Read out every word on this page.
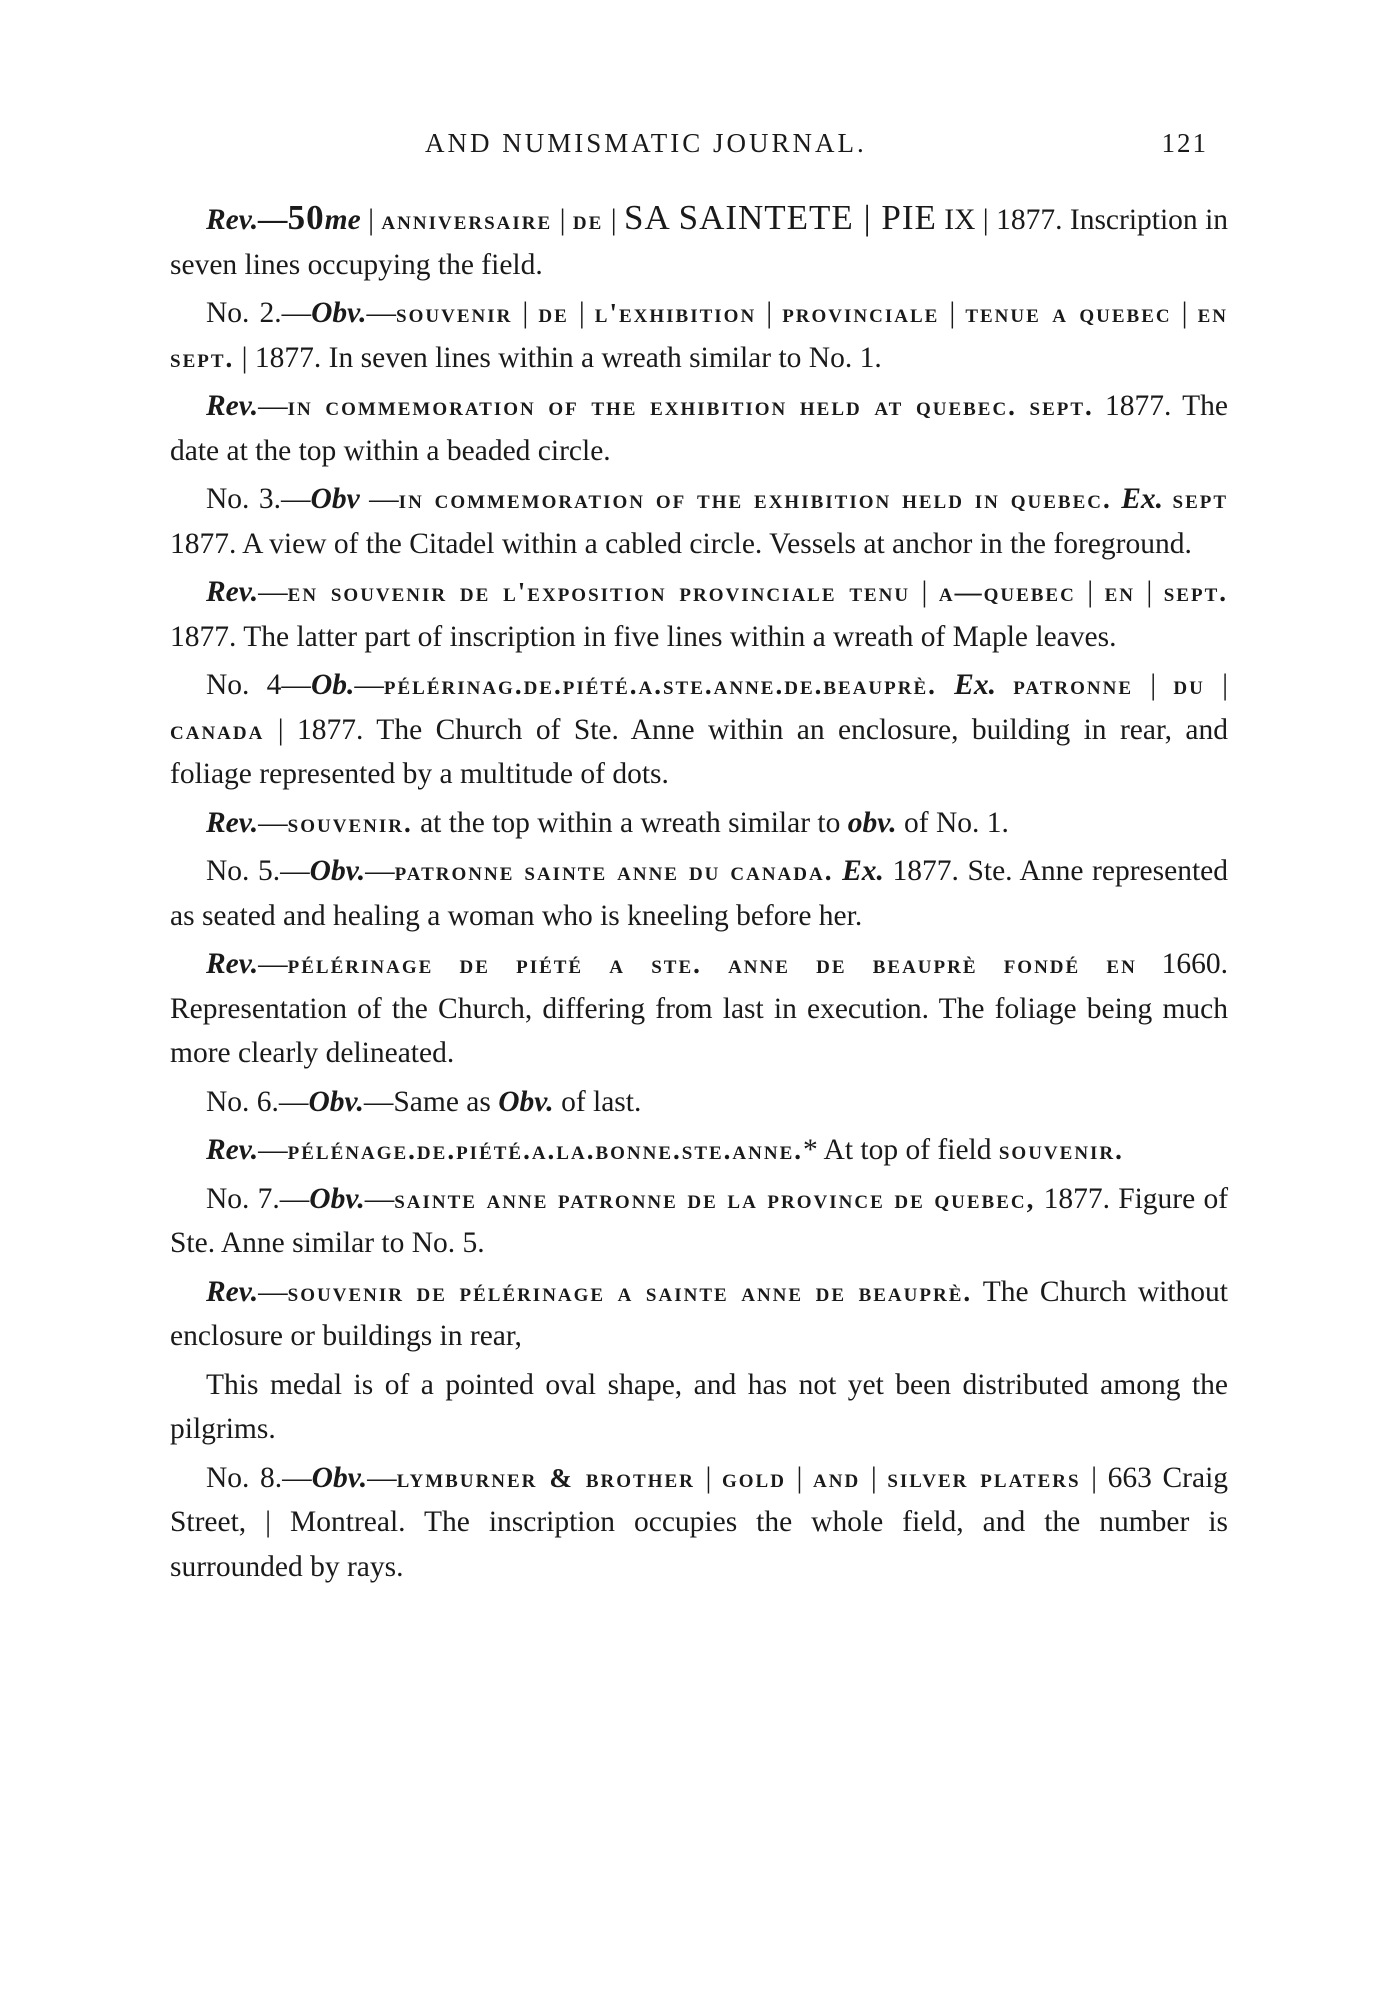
AND NUMISMATIC JOURNAL.	121

Rev.—50me | anniversaire | de | SA SAINTETE | PIE IX | 1877. Inscription in seven lines occupying the field.

No. 2.—Obv.—souvenir | de | l'exhibition | provinciale | tenue a quebec | en sept. | 1877. In seven lines within a wreath similar to No. 1.

Rev.—in commemoration of the exhibition held at quebec. sept. 1877. The date at the top within a beaded circle.

No. 3.—Obv —in commemoration of the exhibition held in quebec. Ex. sept 1877. A view of the Citadel within a cabled circle. Vessels at anchor in the foreground.

Rev.—en souvenir de l'exposition provinciale tenu | a—quebec | en | sept. 1877. The latter part of inscription in five lines within a wreath of Maple leaves.

No. 4—Ob.—pélérinag.de.piété.a.ste.anne.de.beauprè. Ex. patronne | du | canada | 1877. The Church of Ste. Anne within an enclosure, building in rear, and foliage represented by a multitude of dots.

Rev.—souvenir. at the top within a wreath similar to obv. of No. 1.

No. 5.—Obv.—patronne sainte anne du canada. Ex. 1877. Ste. Anne represented as seated and healing a woman who is kneeling before her.

Rev.—pélérinage de piété a ste. anne de beauprè fondé en 1660. Representation of the Church, differing from last in execution. The foliage being much more clearly delineated.

No. 6.—Obv.—Same as Obv. of last.

Rev.—pélénage.de.piété.a.la.bonne.ste.anne.* At top of field souvenir.

No. 7.—Obv.—sainte anne patronne de la province de quebec, 1877. Figure of Ste. Anne similar to No. 5.

Rev.—souvenir de pélérinage a sainte anne de beauprè. The Church without enclosure or buildings in rear,

This medal is of a pointed oval shape, and has not yet been distributed among the pilgrims.

No. 8.—Obv.—lymburner & brother | gold | and | silver platers | 663 Craig Street, | Montreal. The inscription occupies the whole field, and the number is surrounded by rays.
